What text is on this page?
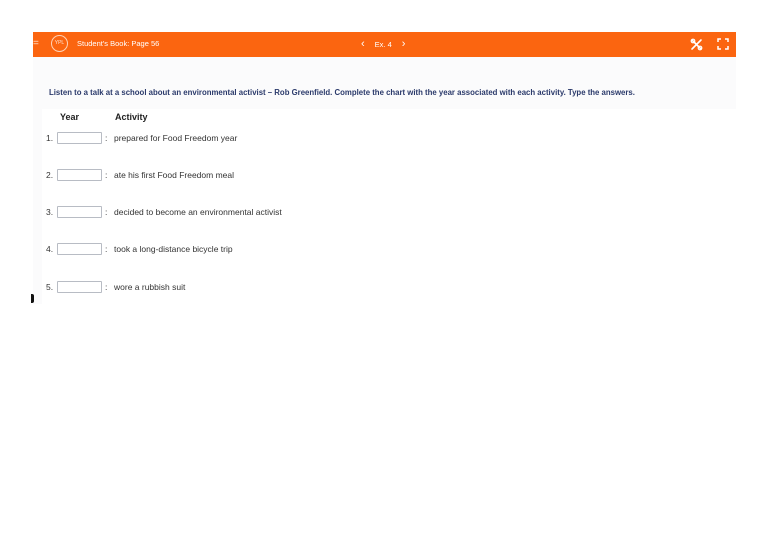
=	YPL	Student's Book: Page 56	‹ Ex. 4 ›
Listen to a talk at a school about an environmental activist – Rob Greenfield. Complete the chart with the year associated with each activity. Type the answers.
Year	Activity
1.	: prepared for Food Freedom year
2.	: ate his first Food Freedom meal
3.	: decided to become an environmental activist
4.	: took a long-distance bicycle trip
5.	: wore a rubbish suit
